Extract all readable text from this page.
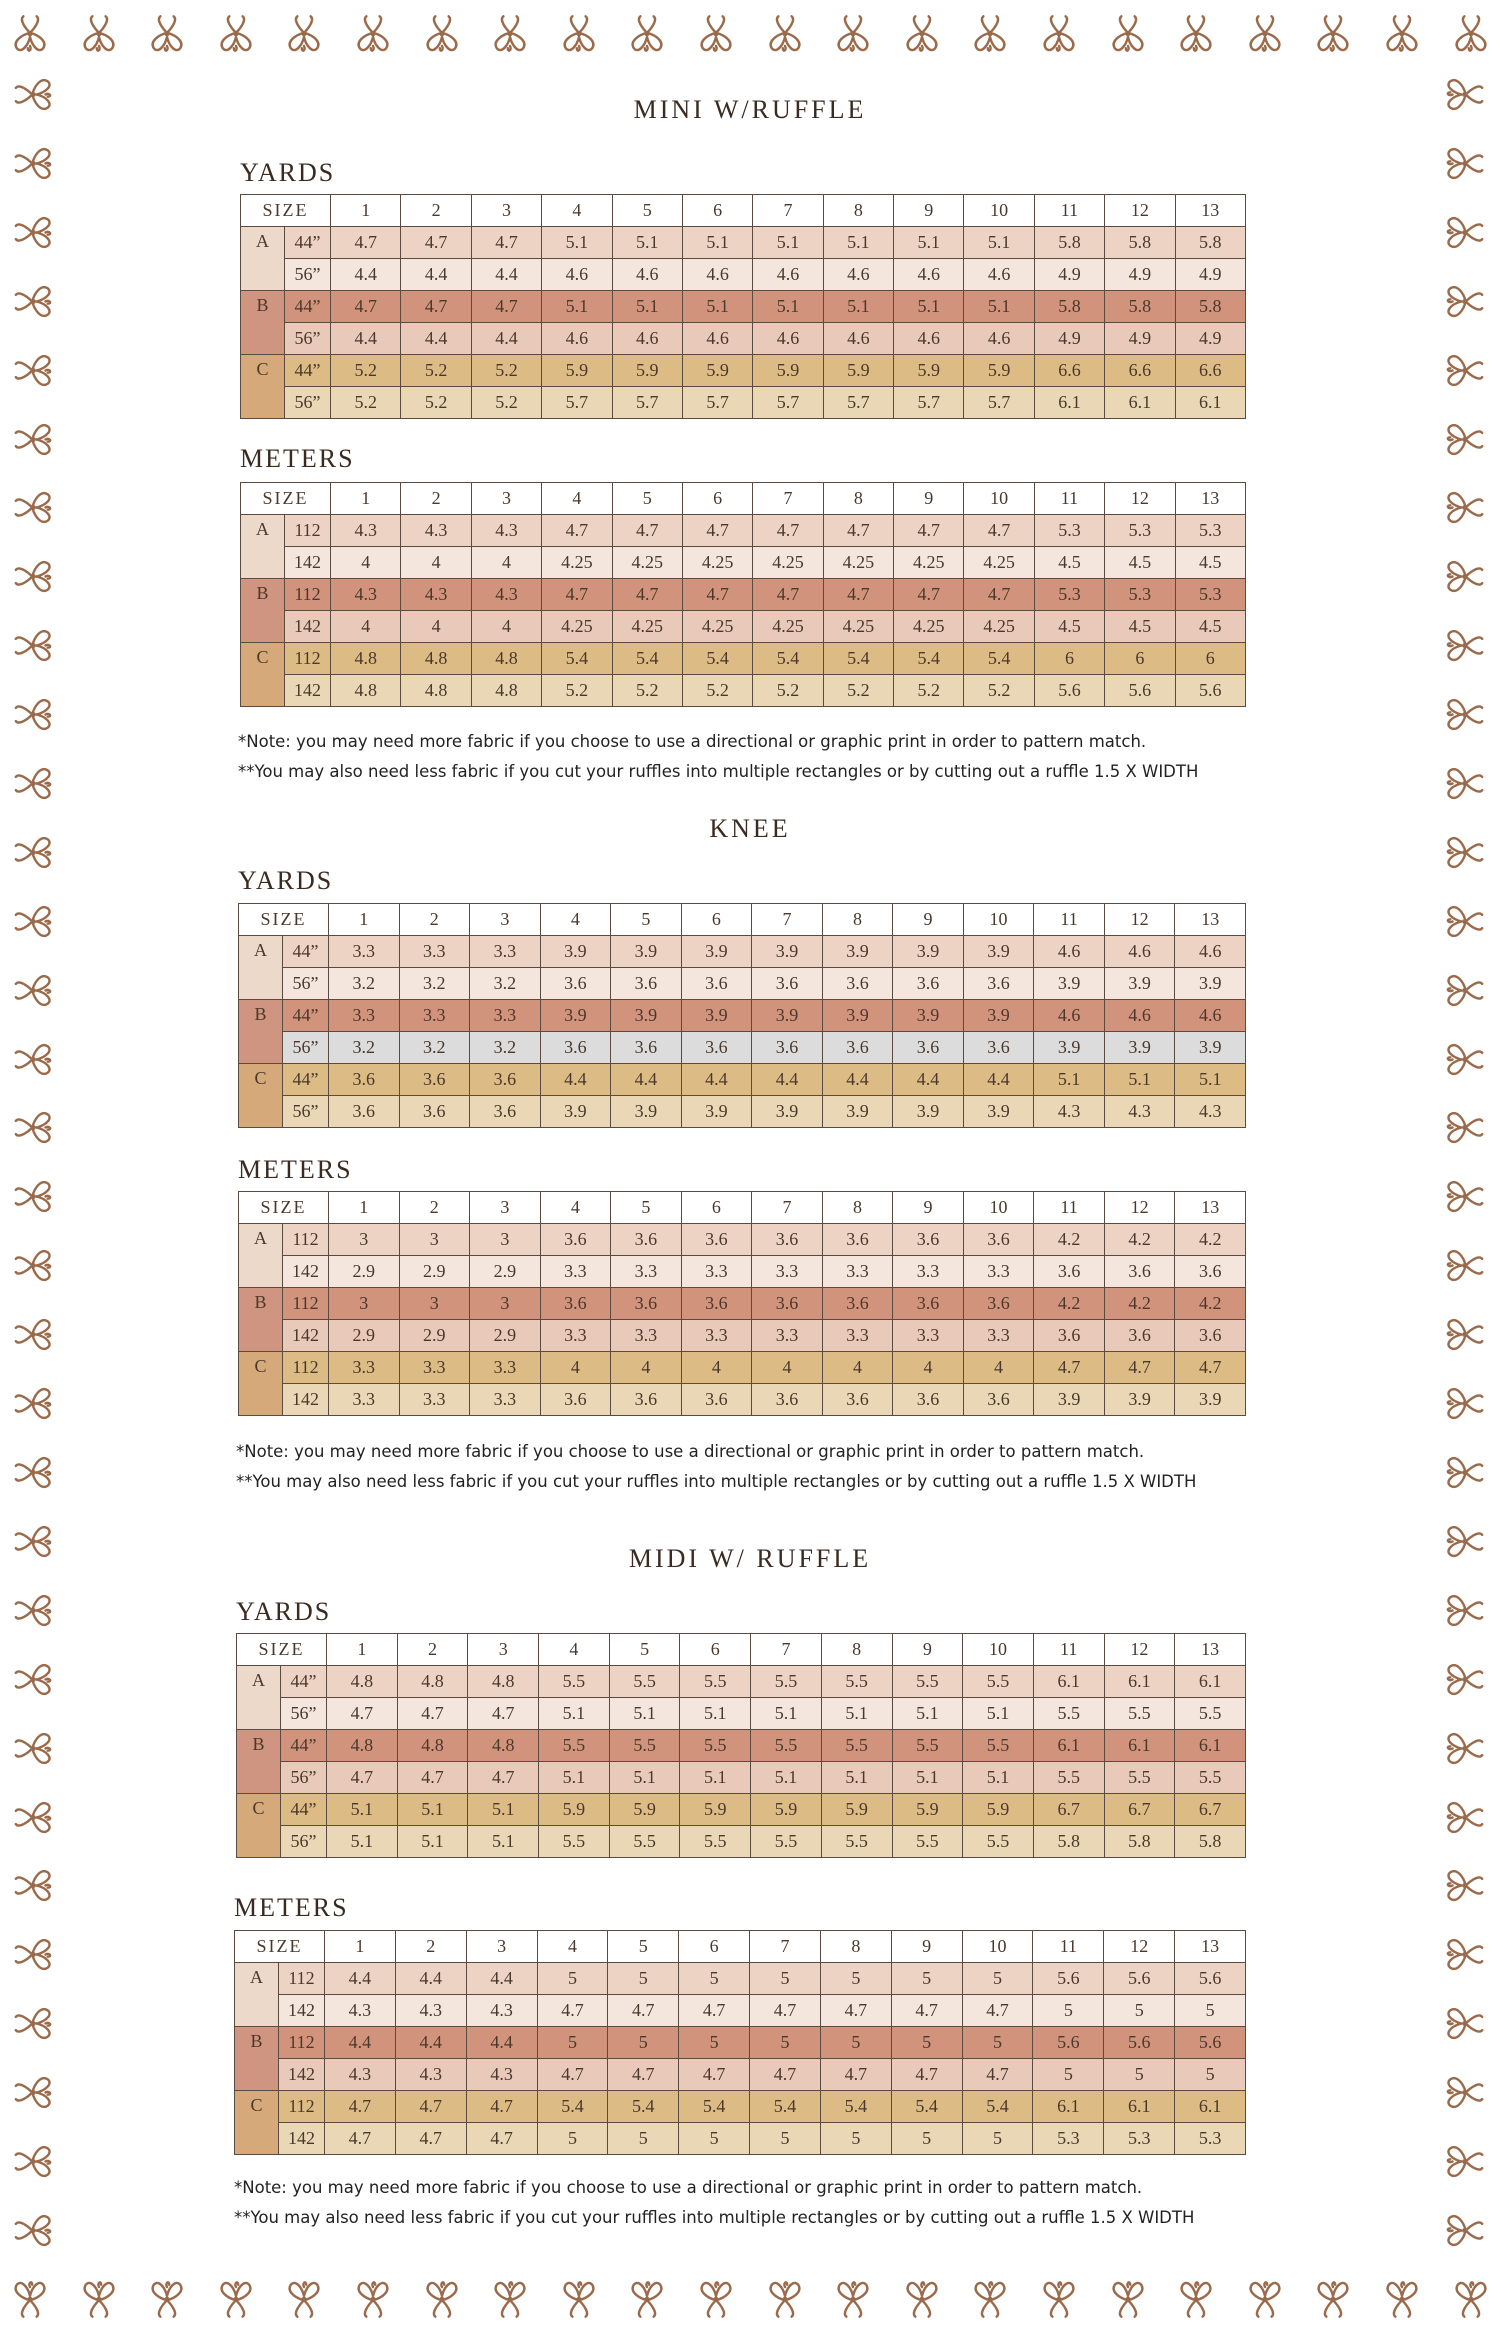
MINI W/RUFFLE
YARDS
SIZE		1	2	3	4	5	6	7	8	9	10	11	12	13
A	44”	4.7	4.7	4.7	5.1	5.1	5.1	5.1	5.1	5.1	5.1	5.8	5.8	5.8
	56”	4.4	4.4	4.4	4.6	4.6	4.6	4.6	4.6	4.6	4.6	4.9	4.9	4.9
B	44”	4.7	4.7	4.7	5.1	5.1	5.1	5.1	5.1	5.1	5.1	5.8	5.8	5.8
	56”	4.4	4.4	4.4	4.6	4.6	4.6	4.6	4.6	4.6	4.6	4.9	4.9	4.9
C	44”	5.2	5.2	5.2	5.9	5.9	5.9	5.9	5.9	5.9	5.9	6.6	6.6	6.6
	56”	5.2	5.2	5.2	5.7	5.7	5.7	5.7	5.7	5.7	5.7	6.1	6.1	6.1
METERS
SIZE		1	2	3	4	5	6	7	8	9	10	11	12	13
A	112	4.3	4.3	4.3	4.7	4.7	4.7	4.7	4.7	4.7	4.7	5.3	5.3	5.3
	142	4	4	4	4.25	4.25	4.25	4.25	4.25	4.25	4.25	4.5	4.5	4.5
B	112	4.3	4.3	4.3	4.7	4.7	4.7	4.7	4.7	4.7	4.7	5.3	5.3	5.3
	142	4	4	4	4.25	4.25	4.25	4.25	4.25	4.25	4.25	4.5	4.5	4.5
C	112	4.8	4.8	4.8	5.4	5.4	5.4	5.4	5.4	5.4	5.4	6	6	6
	142	4.8	4.8	4.8	5.2	5.2	5.2	5.2	5.2	5.2	5.2	5.6	5.6	5.6
*Note: you may need more fabric if you choose to use a directional or graphic print in order to pattern match.
**You may also need less fabric if you cut your ruffles into multiple rectangles or by cutting out a ruffle 1.5 X WIDTH
KNEE
YARDS
SIZE		1	2	3	4	5	6	7	8	9	10	11	12	13
A	44”	3.3	3.3	3.3	3.9	3.9	3.9	3.9	3.9	3.9	3.9	4.6	4.6	4.6
	56”	3.2	3.2	3.2	3.6	3.6	3.6	3.6	3.6	3.6	3.6	3.9	3.9	3.9
B	44”	3.3	3.3	3.3	3.9	3.9	3.9	3.9	3.9	3.9	3.9	4.6	4.6	4.6
	56”	3.2	3.2	3.2	3.6	3.6	3.6	3.6	3.6	3.6	3.6	3.9	3.9	3.9
C	44”	3.6	3.6	3.6	4.4	4.4	4.4	4.4	4.4	4.4	4.4	5.1	5.1	5.1
	56”	3.6	3.6	3.6	3.9	3.9	3.9	3.9	3.9	3.9	3.9	4.3	4.3	4.3
METERS
SIZE		1	2	3	4	5	6	7	8	9	10	11	12	13
A	112	3	3	3	3.6	3.6	3.6	3.6	3.6	3.6	3.6	4.2	4.2	4.2
	142	2.9	2.9	2.9	3.3	3.3	3.3	3.3	3.3	3.3	3.3	3.6	3.6	3.6
B	112	3	3	3	3.6	3.6	3.6	3.6	3.6	3.6	3.6	4.2	4.2	4.2
	142	2.9	2.9	2.9	3.3	3.3	3.3	3.3	3.3	3.3	3.3	3.6	3.6	3.6
C	112	3.3	3.3	3.3	4	4	4	4	4	4	4	4.7	4.7	4.7
	142	3.3	3.3	3.3	3.6	3.6	3.6	3.6	3.6	3.6	3.6	3.9	3.9	3.9
*Note: you may need more fabric if you choose to use a directional or graphic print in order to pattern match.
**You may also need less fabric if you cut your ruffles into multiple rectangles or by cutting out a ruffle 1.5 X WIDTH
MIDI W/ RUFFLE
YARDS
SIZE		1	2	3	4	5	6	7	8	9	10	11	12	13
A	44”	4.8	4.8	4.8	5.5	5.5	5.5	5.5	5.5	5.5	5.5	6.1	6.1	6.1
	56”	4.7	4.7	4.7	5.1	5.1	5.1	5.1	5.1	5.1	5.1	5.5	5.5	5.5
B	44”	4.8	4.8	4.8	5.5	5.5	5.5	5.5	5.5	5.5	5.5	6.1	6.1	6.1
	56”	4.7	4.7	4.7	5.1	5.1	5.1	5.1	5.1	5.1	5.1	5.5	5.5	5.5
C	44”	5.1	5.1	5.1	5.9	5.9	5.9	5.9	5.9	5.9	5.9	6.7	6.7	6.7
	56”	5.1	5.1	5.1	5.5	5.5	5.5	5.5	5.5	5.5	5.5	5.8	5.8	5.8
METERS
SIZE		1	2	3	4	5	6	7	8	9	10	11	12	13
A	112	4.4	4.4	4.4	5	5	5	5	5	5	5	5.6	5.6	5.6
	142	4.3	4.3	4.3	4.7	4.7	4.7	4.7	4.7	4.7	4.7	5	5	5
B	112	4.4	4.4	4.4	5	5	5	5	5	5	5	5.6	5.6	5.6
	142	4.3	4.3	4.3	4.7	4.7	4.7	4.7	4.7	4.7	4.7	5	5	5
C	112	4.7	4.7	4.7	5.4	5.4	5.4	5.4	5.4	5.4	5.4	6.1	6.1	6.1
	142	4.7	4.7	4.7	5	5	5	5	5	5	5	5.3	5.3	5.3
*Note: you may need more fabric if you choose to use a directional or graphic print in order to pattern match.
**You may also need less fabric if you cut your ruffles into multiple rectangles or by cutting out a ruffle 1.5 X WIDTH
